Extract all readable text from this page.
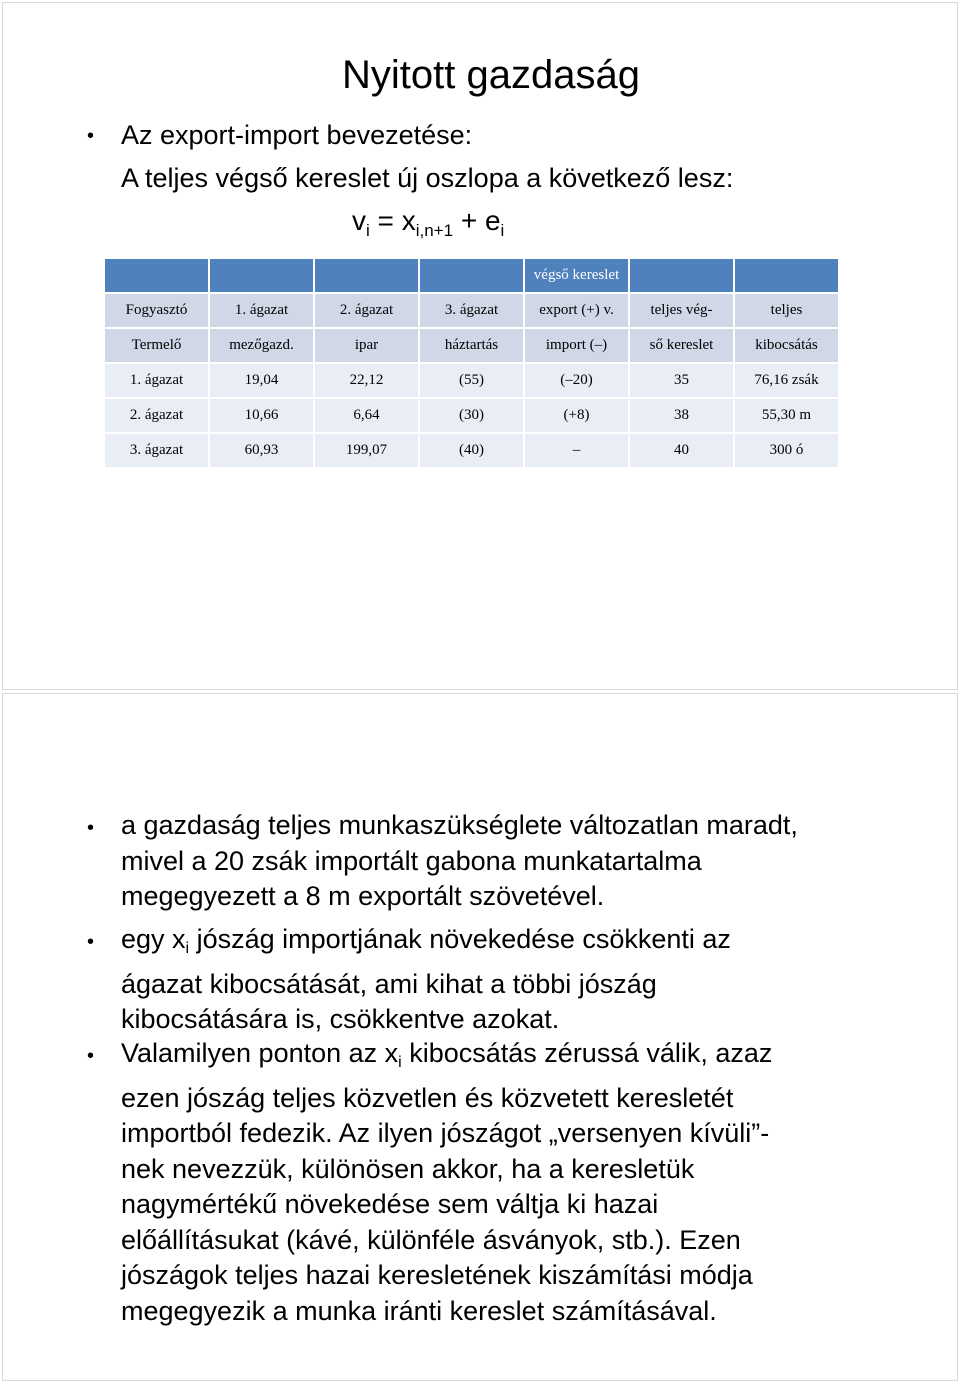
Nyitott gazdaság
• Az export-import bevezetése:
A teljes végső kereslet új oszlopa a következő lesz:
$v_i = x_{i,n+1} + e_i$
				végső kereslet		
Fogyasztó	1. ágazat	2. ágazat	3. ágazat	export (+) v.	teljes vég-	teljes
Termelő	mezőgazd.	ipar	háztartás	import (–)	ső kereslet	kibocsátás
1. ágazat	19,04	22,12	(55)	(–20)	35	76,16 zsák
2. ágazat	10,66	6,64	(30)	(+8)	38	55,30 m
3. ágazat	60,93	199,07	(40)	–	40	300 ó
• a gazdaság teljes munkaszükséglete változatlan maradt,
mivel a 20 zsák importált gabona munkatartalma
megegyezett a 8 m exportált szövetével.
• egy $x_i$ jószág importjának növekedése csökkenti az
ágazat kibocsátását, ami kihat a többi jószág
kibocsátására is, csökkentve azokat.
• Valamilyen ponton az $x_i$ kibocsátás zérussá válik, azaz
ezen jószág teljes közvetlen és közvetett keresletét
importból fedezik. Az ilyen jószágot „versenyen kívüli”-
nek nevezzük, különösen akkor, ha a keresletük
nagymértékű növekedése sem váltja ki hazai
előállításukat (kávé, különféle ásványok, stb.). Ezen
jószágok teljes hazai keresletének kiszámítási módja
megegyezik a munka iránti kereslet számításával.
